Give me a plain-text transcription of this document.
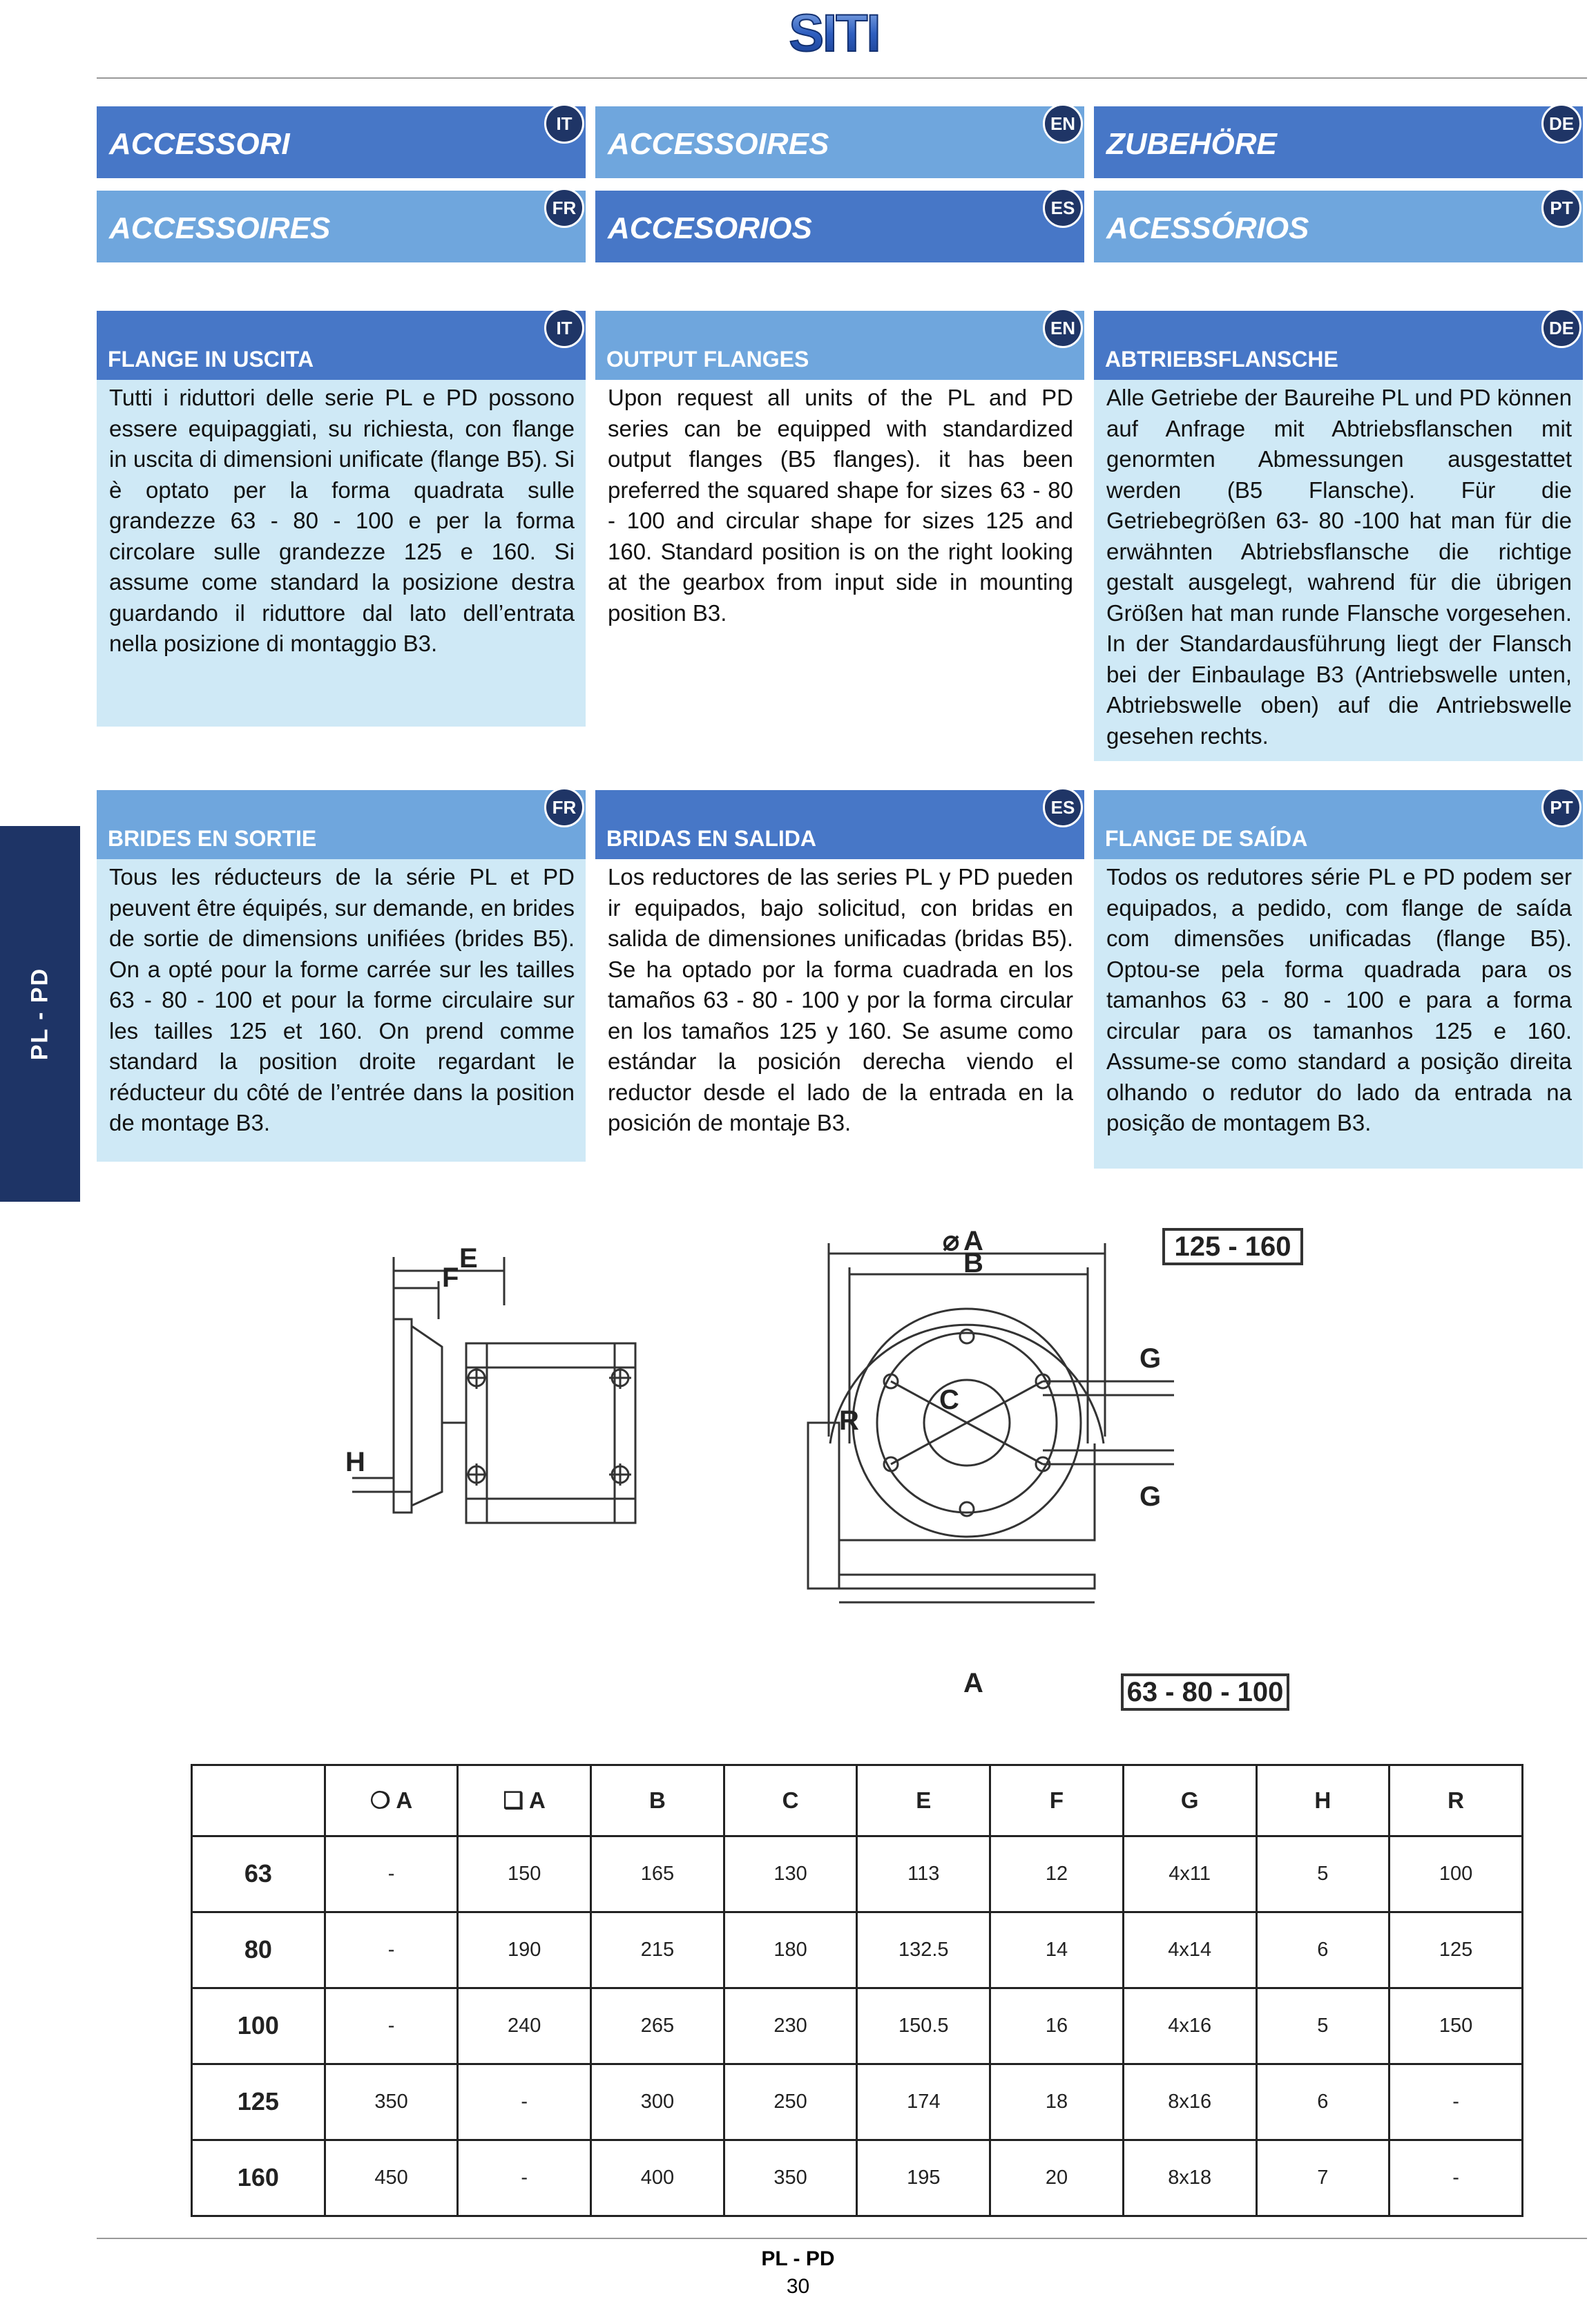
SITI
ACCESSORI
IT
ACCESSOIRES
EN
ZUBEHÖRE
DE
ACCESSOIRES
FR
ACCESORIOS
ES
ACESSÓRIOS
PT
FLANGE IN USCITA
IT
Tutti i riduttori delle serie PL e PD possono essere equipaggiati, su richiesta, con flange in uscita di dimensioni unificate (flange B5). Si è optato per la forma quadrata sulle grandezze 63 - 80 - 100 e per la forma circolare sulle grandezze 125 e 160. Si assume come standard la posizione destra guardando il riduttore dal lato dell’entrata nella posizione di montaggio B3.
OUTPUT FLANGES
EN
Upon request all units of the PL and PD series can be equipped with standardized output flanges (B5 flanges). it has been preferred the squared shape for sizes 63 - 80 - 100 and circular shape for sizes 125 and 160. Standard position is on the right looking at the gearbox from input side in mounting position B3.
ABTRIEBSFLANSCHE
DE
Alle Getriebe der Baureihe PL und PD können auf Anfrage mit Abtriebsflanschen mit genormten Abmessungen ausgestattet werden (B5 Flansche). Für die Getriebegrößen 63- 80 -100 hat man für die erwähnten Abtriebsflansche die richtige gestalt ausgelegt, wahrend für die übrigen Größen hat man runde Flansche vorgesehen. In der Standardausführung liegt der Flansch bei der Einbaulage B3 (Antriebswelle unten, Abtriebswelle oben) auf die Antriebswelle gesehen rechts.
BRIDES EN SORTIE
FR
Tous les réducteurs de la série PL et PD peuvent être équipés, sur demande, en brides de sortie de dimensions unifiées (brides B5). On a opté pour la forme carrée sur les tailles 63 - 80 - 100 et pour la forme circulaire sur les tailles 125 et 160. On prend comme standard la position droite regardant le réducteur du côté de l’entrée dans la position de montage B3.
BRIDAS EN SALIDA
ES
Los reductores de las series PL y PD pueden ir equipados, bajo solicitud, con bridas en salida de dimensiones unificadas (bridas B5). Se ha optado por la forma cuadrada en los tamaños 63 - 80 - 100 y por la forma circular en los tamaños 125 y 160. Se asume como estándar la posición derecha viendo el reductor desde el lado de la entrada en la posición de montaje B3.
FLANGE DE SAÍDA
PT
Todos os redutores série PL e PD podem ser equipados, a pedido, com flange de saída com dimensões unificadas (flange B5). Optou-se pela forma quadrada para os tamanhos 63 - 80 - 100 e para a forma circular para os tamanhos 125 e 160. Assume-se como standard a posição direita olhando o redutor do lado da entrada na posição de montagem B3.
PL - PD
E
F
H
⌀ A
B
C
R
G
G
A
125 - 160
63 - 80 - 100
	❍ A	❑ A	B	C	E	F	G	H	R
63	-	150	165	130	113	12	4x11	5	100
80	-	190	215	180	132.5	14	4x14	6	125
100	-	240	265	230	150.5	16	4x16	5	150
125	350	-	300	250	174	18	8x16	6	-
160	450	-	400	350	195	20	8x18	7	-
PL - PD
30
